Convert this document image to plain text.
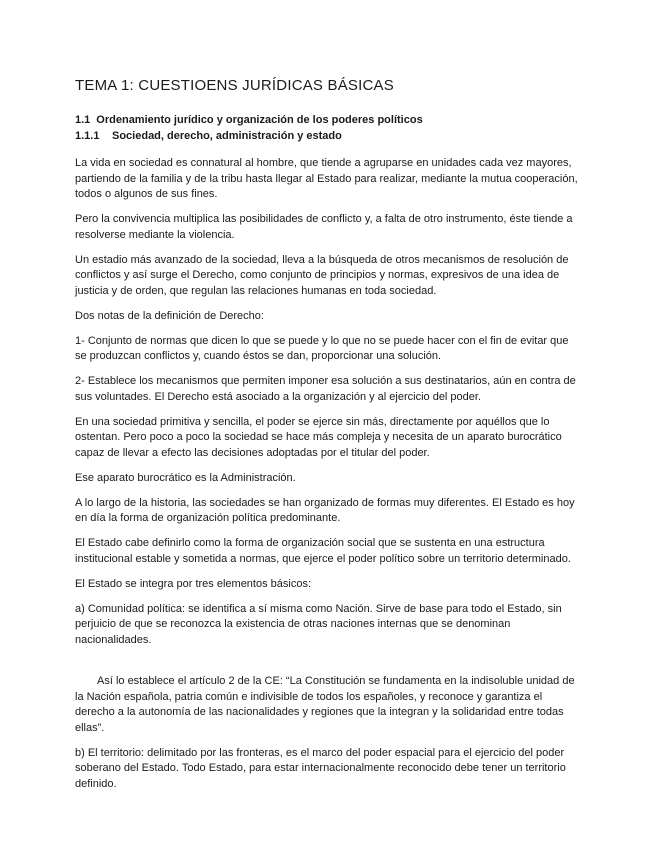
TEMA 1: CUESTIOENS JURÍDICAS BÁSICAS
1.1 Ordenamiento jurídico y organización de los poderes políticos
1.1.1	Sociedad, derecho, administración y estado

La vida en sociedad es connatural al hombre, que tiende a agruparse en unidades cada vez mayores, partiendo de la familia y de la tribu hasta llegar al Estado para realizar, mediante la mutua cooperación, todos o algunos de sus fines.

Pero la convivencia multiplica las posibilidades de conflicto y, a falta de otro instrumento, éste tiende a resolverse mediante la violencia.

Un estadio más avanzado de la sociedad, lleva a la búsqueda de otros mecanismos de resolución de conflictos y así surge el Derecho, como conjunto de principios y normas, expresivos de una idea de justicia y de orden, que regulan las relaciones humanas en toda sociedad.

Dos notas de la definición de Derecho:

1- Conjunto de normas que dicen lo que se puede y lo que no se puede hacer con el fin de evitar que se produzcan conflictos y, cuando éstos se dan, proporcionar una solución.

2- Establece los mecanismos que permiten imponer esa solución a sus destinatarios, aún en contra de sus voluntades. El Derecho está asociado a la organización y al ejercicio del poder.

En una sociedad primitiva y sencilla, el poder se ejerce sin más, directamente por aquéllos que lo ostentan. Pero poco a poco la sociedad se hace más compleja y necesita de un aparato burocrático capaz de llevar a efecto las decisiones adoptadas por el titular del poder.

Ese aparato burocrático es la Administración.

A lo largo de la historia, las sociedades se han organizado de formas muy diferentes. El Estado es hoy en día la forma de organización política predominante.

El Estado cabe definirlo como la forma de organización social que se sustenta en una estructura institucional estable y sometida a normas, que ejerce el poder político sobre un territorio determinado.

El Estado se integra por tres elementos básicos:

a) Comunidad política: se identifica a sí misma como Nación. Sirve de base para todo el Estado, sin perjuicio de que se reconozca la existencia de otras naciones internas que se denominan nacionalidades.

Así lo establece el artículo 2 de la CE: “La Constitución se fundamenta en la indisoluble unidad de la Nación española, patria común e indivisible de todos los españoles, y reconoce y garantiza el derecho a la autonomía de las nacionalidades y regiones que la integran y la solidaridad entre todas ellas”.

b) El territorio: delimitado por las fronteras, es el marco del poder espacial para el ejercicio del poder soberano del Estado. Todo Estado, para estar internacionalmente reconocido debe tener un territorio definido.
